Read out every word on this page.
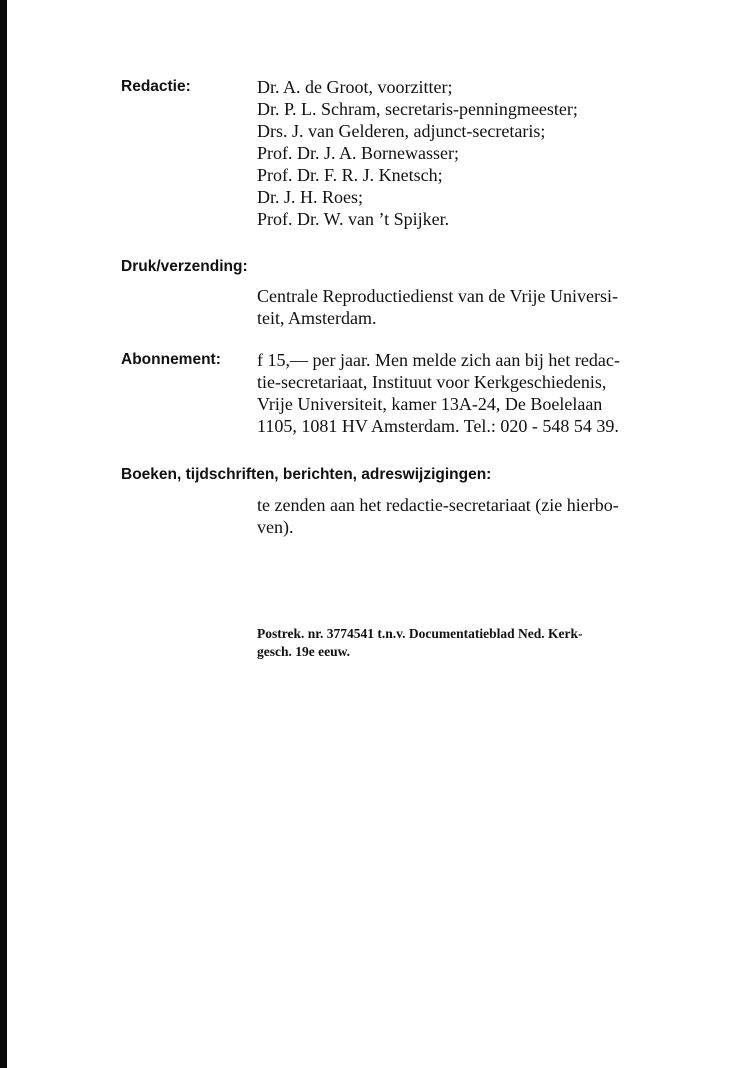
Redactie:	Dr. A. de Groot, voorzitter;
Dr. P. L. Schram, secretaris-penningmeester;
Drs. J. van Gelderen, adjunct-secretaris;
Prof. Dr. J. A. Bornewasser;
Prof. Dr. F. R. J. Knetsch;
Dr. J. H. Roes;
Prof. Dr. W. van ’t Spijker.
Druk/verzending:
Centrale Reproductiedienst van de Vrije Universi-
teit, Amsterdam.
Abonnement: f 15,— per jaar. Men melde zich aan bij het redac-
tie-secretariaat, Instituut voor Kerkgeschiedenis,
Vrije Universiteit, kamer 13A-24, De Boelelaan
1105, 1081 HV Amsterdam. Tel.: 020 - 548 54 39.
Boeken, tijdschriften, berichten, adreswijzigingen:
te zenden aan het redactie-secretariaat (zie hierbo-
ven).
Postrek. nr. 3774541 t.n.v. Documentatieblad Ned. Kerk-
gesch. 19e eeuw.
